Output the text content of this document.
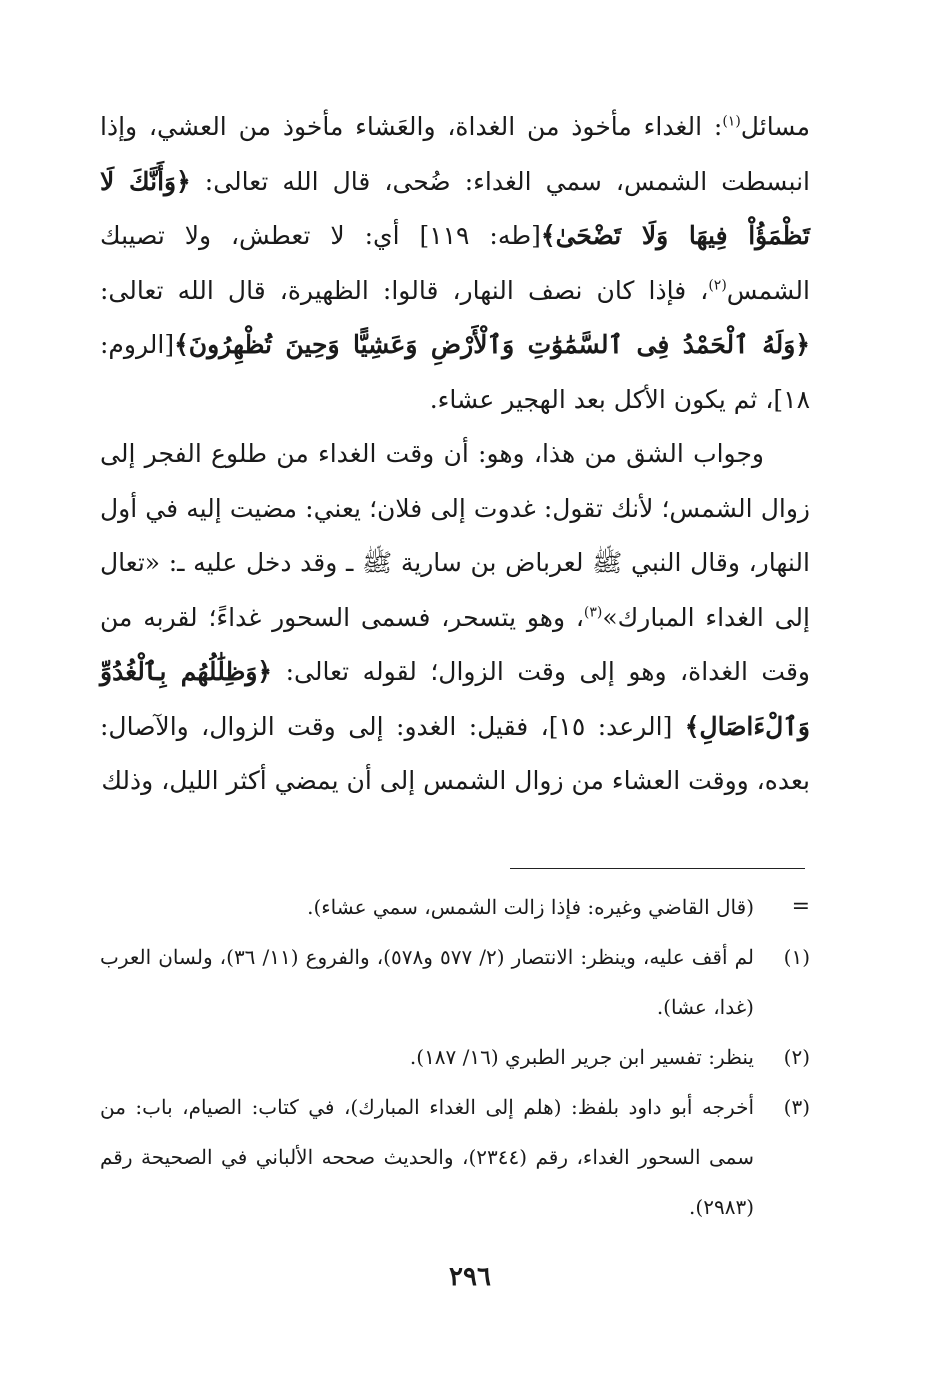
مسائل$^{(١)}$: الغداء مأخوذ من الغداة، والعَشاء مأخوذ من العشي، وإذا انبسطت الشمس، سمي الغداء: ضُحى، قال الله تعالى: ﴿وَأَنَّكَ لَا تَظْمَؤُاْ فِيهَا وَلَا تَضْحَىٰ﴾[طه: ١١٩] أي: لا تعطش، ولا تصيبك الشمس$^{(٢)}$، فإذا كان نصف النهار، قالوا: الظهيرة، قال الله تعالى: ﴿وَلَهُ ٱلْحَمْدُ فِى ٱلسَّمَٰوَٰتِ وَٱلْأَرْضِ وَعَشِيًّا وَحِينَ تُظْهِرُونَ﴾[الروم: ١٨]، ثم يكون الأكل بعد الهجير عشاء.

وجواب الشق من هذا، وهو: أن وقت الغداء من طلوع الفجر إلى زوال الشمس؛ لأنك تقول: غدوت إلى فلان؛ يعني: مضيت إليه في أول النهار، وقال النبي ﷺ لعرباض بن سارية ﷺ ـ وقد دخل عليه ـ: «تعال إلى الغداء المبارك»$^{(٣)}$، وهو يتسحر، فسمى السحور غداءً؛ لقربه من وقت الغداة، وهو إلى وقت الزوال؛ لقوله تعالى: ﴿وَظِلَٰلُهُم بِٱلْغُدُوِّ وَٱلْءَاصَالِ﴾ [الرعد: ١٥]، فقيل: الغدو: إلى وقت الزوال، والآصال: بعده، ووقت العشاء من زوال الشمس إلى أن يمضي أكثر الليل، وذلك

=
(قال القاضي وغيره: فإذا زالت الشمس، سمي عشاء).
(١)
لم أقف عليه، وينظر: الانتصار (٢/ ٥٧٧ و٥٧٨)، والفروع (١١/ ٣٦)، ولسان العرب (غدا، عشا).
(٢)
ينظر: تفسير ابن جرير الطبري (١٦/ ١٨٧).
(٣)
أخرجه أبو داود بلفظ: (هلم إلى الغداء المبارك)، في كتاب: الصيام، باب: من سمى السحور الغداء، رقم (٢٣٤٤)، والحديث صححه الألباني في الصحيحة رقم (٢٩٨٣).
٢٩٦
